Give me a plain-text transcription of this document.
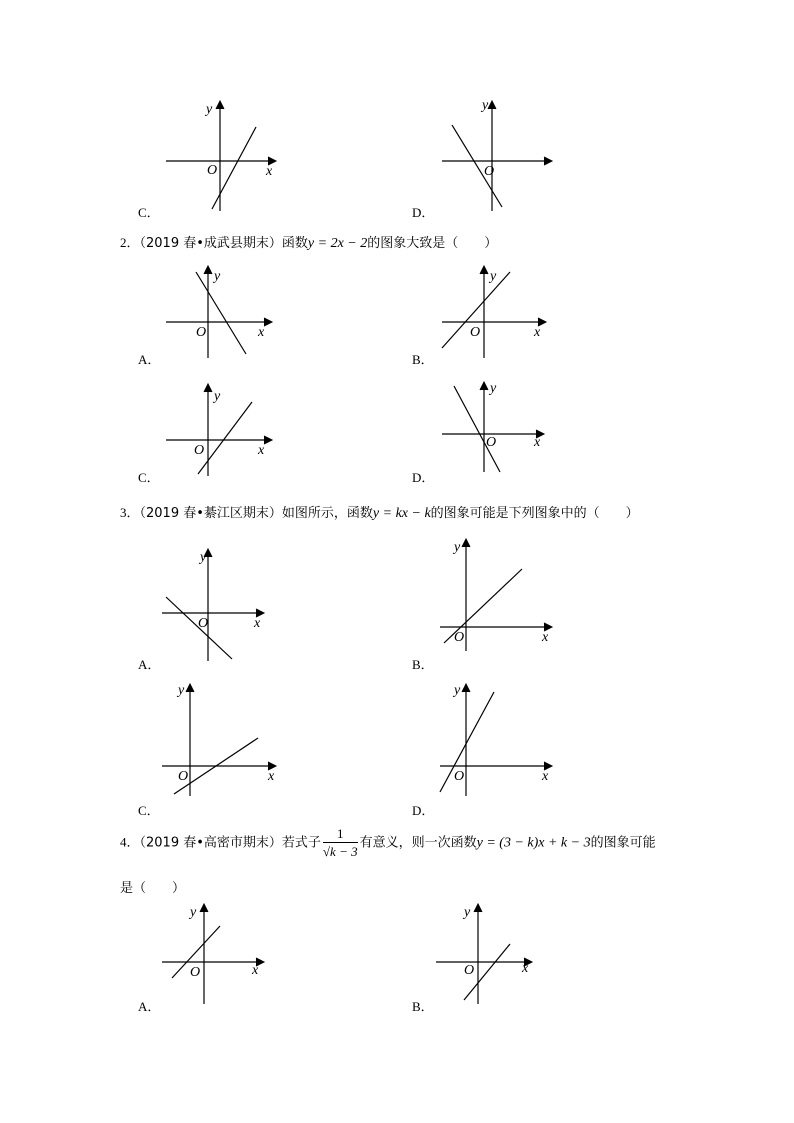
y
x
O
C．
y
O
D．
2．（2019 春•成武县期末）函数y = 2x − 2的图象大致是（　　）
y
x
O
A．
y
x
O
B．
y
x
O
C．
y
x
O
D．
3．（2019 春•綦江区期末）如图所示，函数y = kx − k的图象可能是下列图象中的（　　）
y
x
O
A．
y
x
O
B．
y
x
O
C．
y
x
O
D．
4．（2019 春•高密市期末）若式子 $\frac{1}{√k - 3}$ 有意义，则一次函数y = (3 − k)x + k − 3的图象可能
是（　　）
y
x
O
A．
y
x
O
B．
